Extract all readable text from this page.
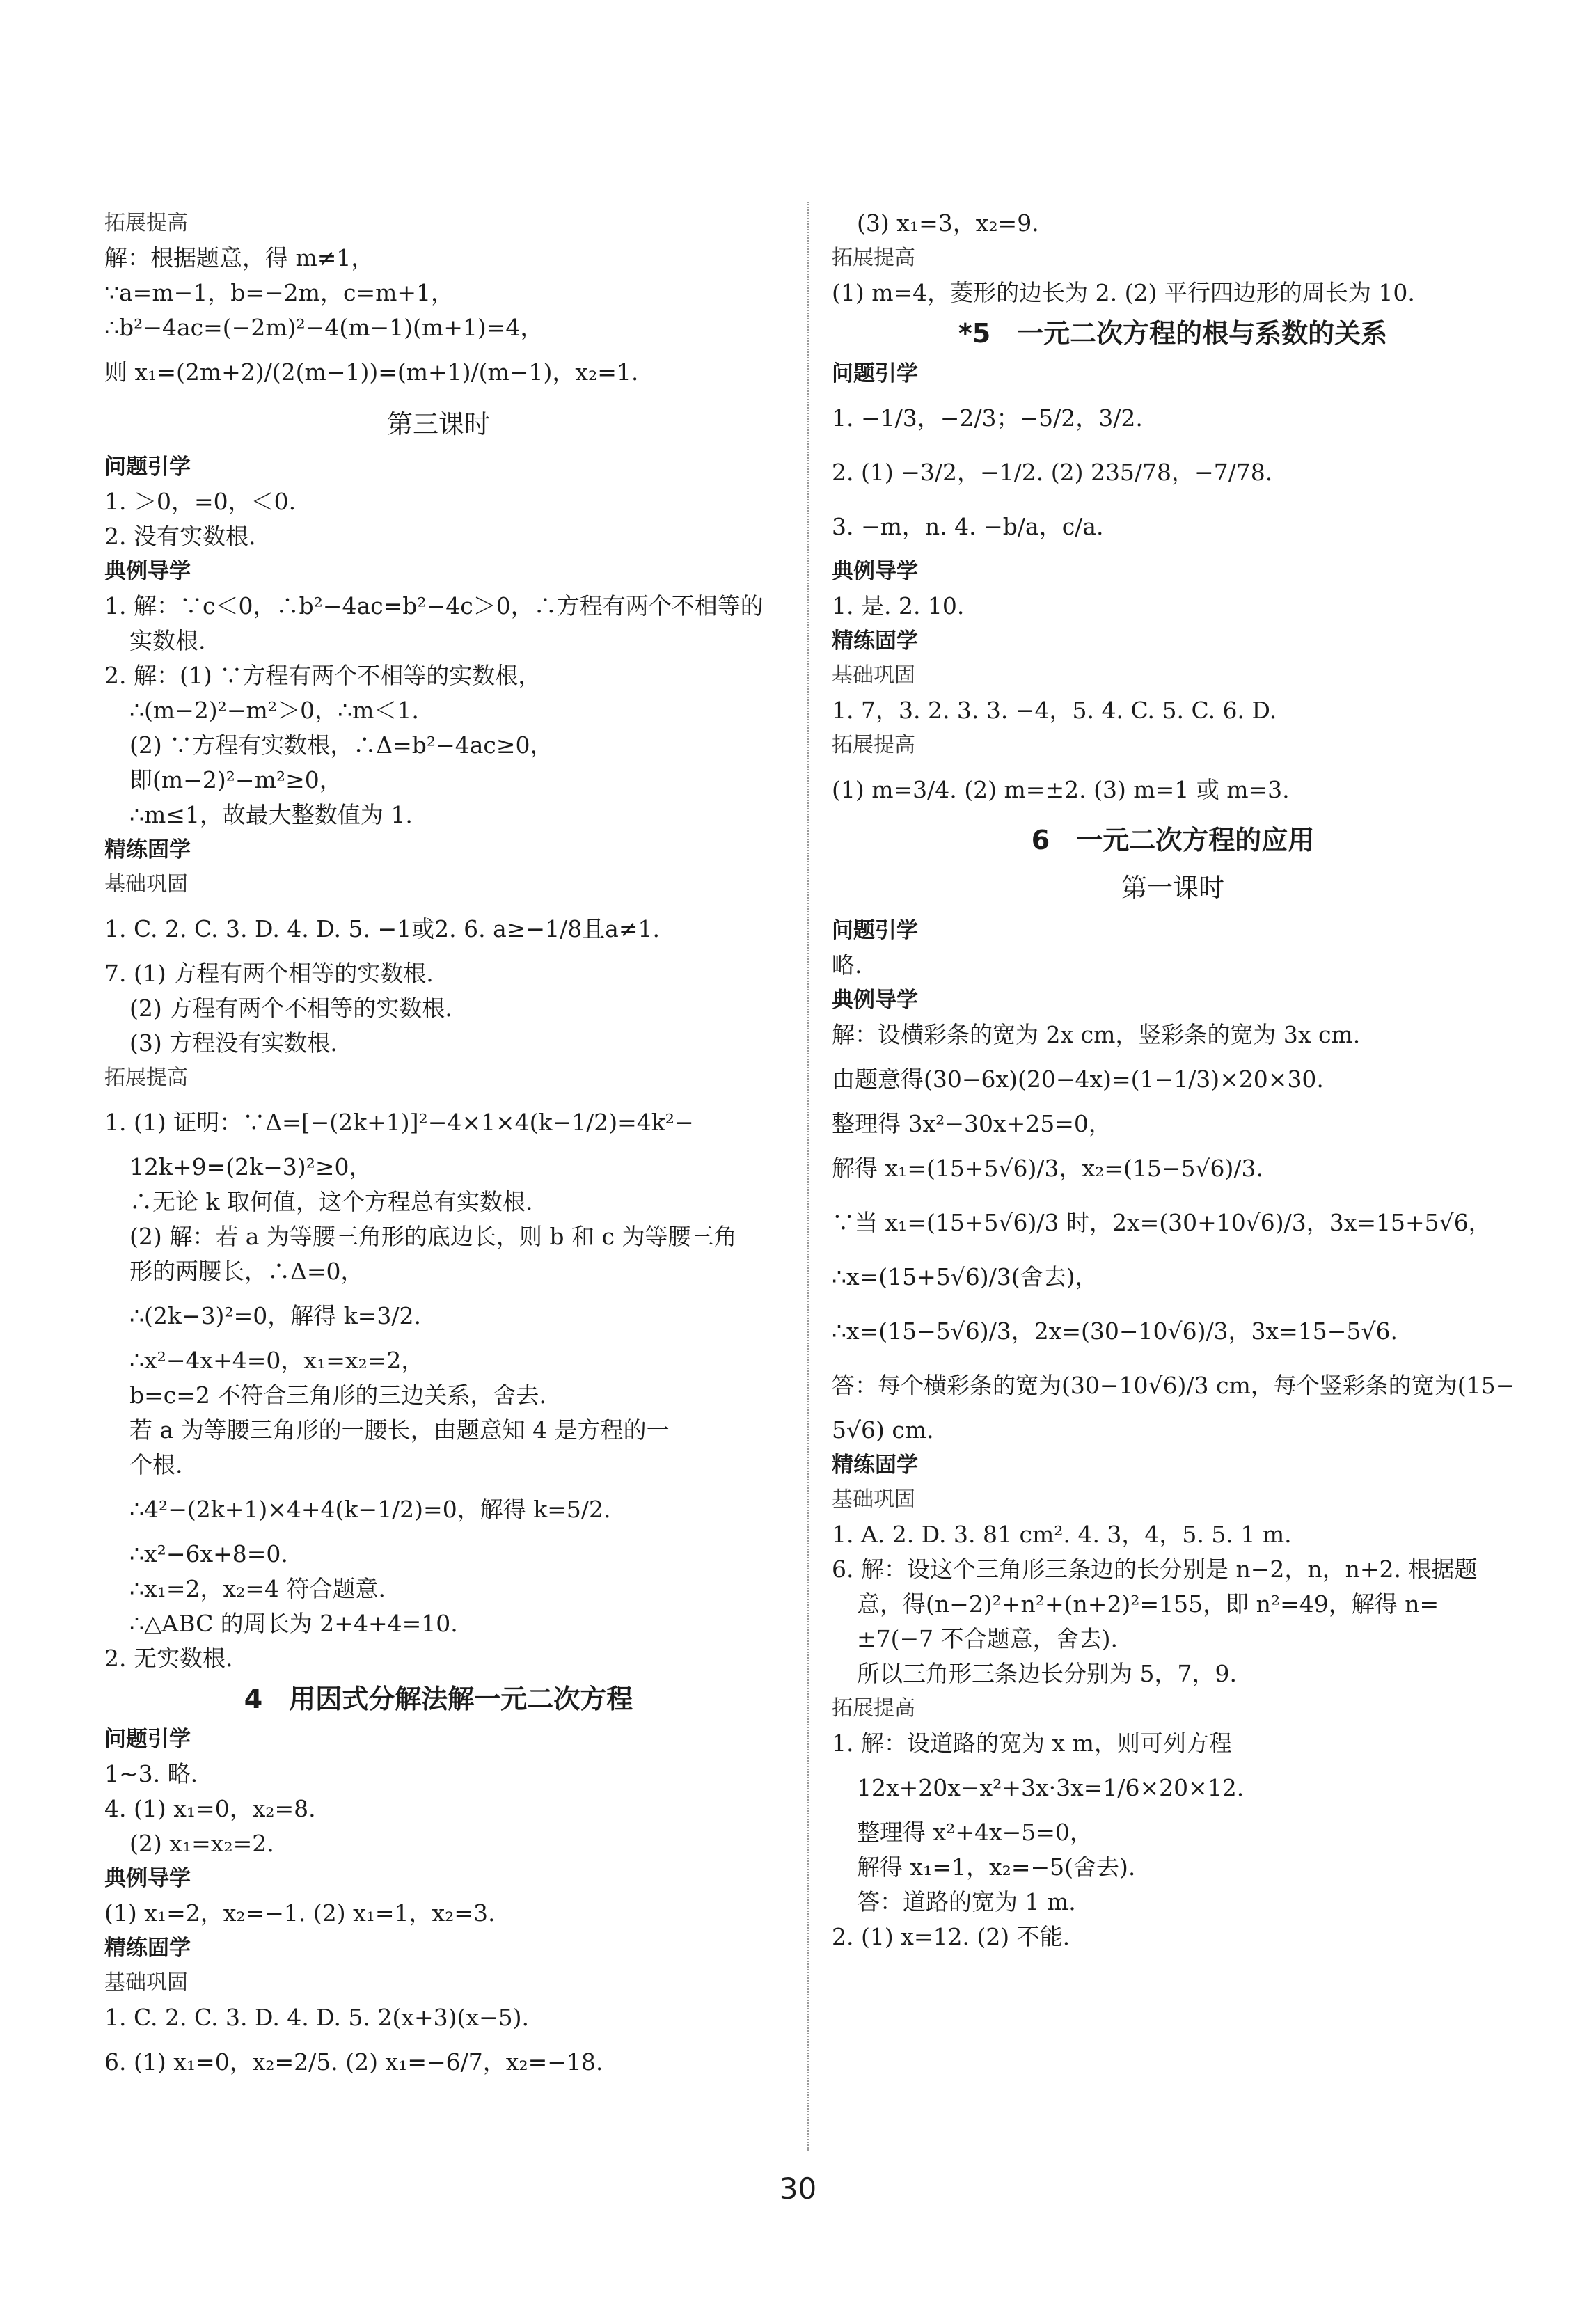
拓展提高
解：根据题意，得 m≠1，
∵a=m−1，b=−2m，c=m+1，
∴b²−4ac=(−2m)²−4(m−1)(m+1)=4，
则 x₁=(2m+2)/(2(m−1))=(m+1)/(m−1)，x₂=1.
第三课时
问题引学
1. ＞0，=0，＜0.
2. 没有实数根.
典例导学
1. 解：∵c＜0，∴b²−4ac=b²−4c＞0，∴方程有两个不相等的
实数根.
2. 解：(1) ∵方程有两个不相等的实数根，
∴(m−2)²−m²＞0，∴m＜1.
(2) ∵方程有实数根，∴Δ=b²−4ac≥0，
即(m−2)²−m²≥0，
∴m≤1，故最大整数值为 1.
精练固学
基础巩固
1. C. 2. C. 3. D. 4. D. 5. −1或2. 6. a≥−1/8且a≠1.
7. (1) 方程有两个相等的实数根.
(2) 方程有两个不相等的实数根.
(3) 方程没有实数根.
拓展提高
1. (1) 证明：∵Δ=[−(2k+1)]²−4×1×4(k−1/2)=4k²−
12k+9=(2k−3)²≥0，
∴无论 k 取何值，这个方程总有实数根.
(2) 解：若 a 为等腰三角形的底边长，则 b 和 c 为等腰三角
形的两腰长，∴Δ=0，
∴(2k−3)²=0，解得 k=3/2.
∴x²−4x+4=0，x₁=x₂=2，
b=c=2 不符合三角形的三边关系，舍去.
若 a 为等腰三角形的一腰长，由题意知 4 是方程的一
个根.
∴4²−(2k+1)×4+4(k−1/2)=0，解得 k=5/2.
∴x²−6x+8=0.
∴x₁=2，x₂=4 符合题意.
∴△ABC 的周长为 2+4+4=10.
2. 无实数根.
4　用因式分解法解一元二次方程
问题引学
1~3. 略.
4. (1) x₁=0，x₂=8.
(2) x₁=x₂=2.
典例导学
(1) x₁=2，x₂=−1. (2) x₁=1，x₂=3.
精练固学
基础巩固
1. C. 2. C. 3. D. 4. D. 5. 2(x+3)(x−5).
6. (1) x₁=0，x₂=2/5. (2) x₁=−6/7，x₂=−18.
(3) x₁=3，x₂=9.
拓展提高
(1) m=4，菱形的边长为 2. (2) 平行四边形的周长为 10.
*5　一元二次方程的根与系数的关系
问题引学
1. −1/3，−2/3；−5/2，3/2.
2. (1) −3/2，−1/2. (2) 235/78，−7/78.
3. −m，n. 4. −b/a，c/a.
典例导学
1. 是. 2. 10.
精练固学
基础巩固
1. 7，3. 2. 3. 3. −4，5. 4. C. 5. C. 6. D.
拓展提高
(1) m=3/4. (2) m=±2. (3) m=1 或 m=3.
6　一元二次方程的应用
第一课时
问题引学
略.
典例导学
解：设横彩条的宽为 2x cm，竖彩条的宽为 3x cm.
由题意得(30−6x)(20−4x)=(1−1/3)×20×30.
整理得 3x²−30x+25=0，
解得 x₁=(15+5√6)/3，x₂=(15−5√6)/3.
∵当 x₁=(15+5√6)/3 时，2x=(30+10√6)/3，3x=15+5√6，
∴x=(15+5√6)/3(舍去)，
∴x=(15−5√6)/3，2x=(30−10√6)/3，3x=15−5√6.
答：每个横彩条的宽为(30−10√6)/3 cm，每个竖彩条的宽为(15−
5√6) cm.
精练固学
基础巩固
1. A. 2. D. 3. 81 cm². 4. 3，4，5. 5. 1 m.
6. 解：设这个三角形三条边的长分别是 n−2，n，n+2. 根据题
意，得(n−2)²+n²+(n+2)²=155，即 n²=49，解得 n=
±7(−7 不合题意，舍去).
所以三角形三条边长分别为 5，7，9.
拓展提高
1. 解：设道路的宽为 x m，则可列方程
12x+20x−x²+3x·3x=1/6×20×12.
整理得 x²+4x−5=0，
解得 x₁=1，x₂=−5(舍去).
答：道路的宽为 1 m.
2. (1) x=12. (2) 不能.
30
